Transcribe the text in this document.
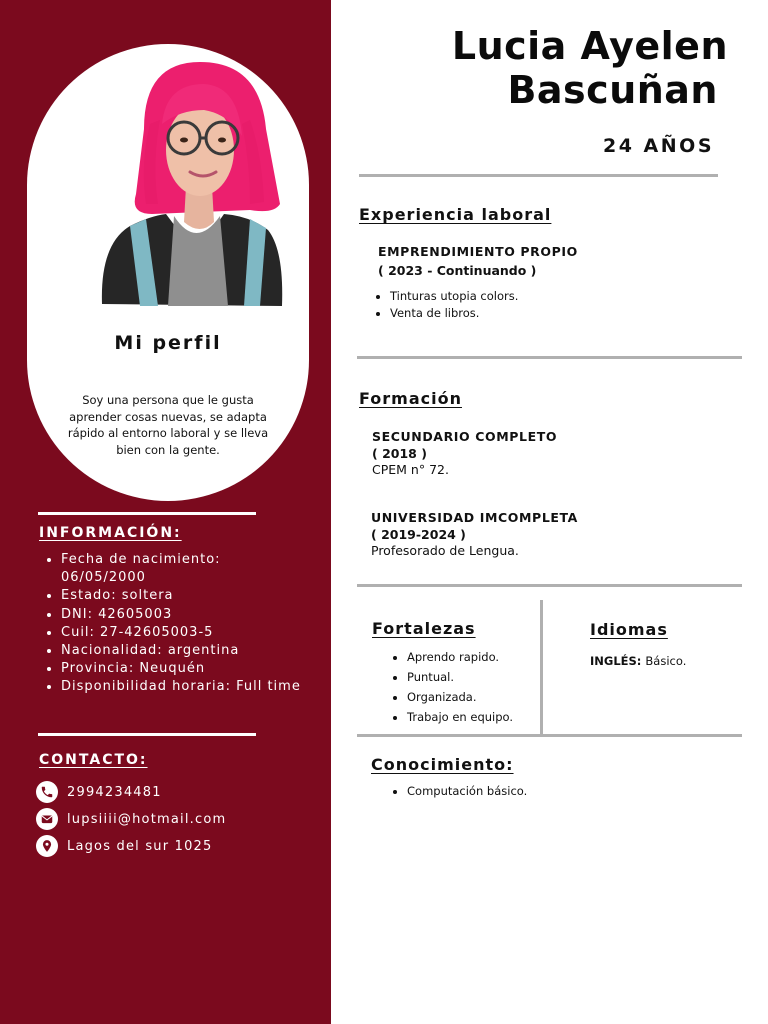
Mi perfil
Soy una persona que le gusta aprender cosas nuevas, se adapta rápido al entorno laboral y se lleva bien con la gente.
INFORMACIÓN:
• Fecha de nacimiento: 06/05/2000
• Estado: soltera
• DNI: 42605003
• Cuil: 27-42605003-5
• Nacionalidad: argentina
• Provincia: Neuquén
• Disponibilidad horaria: Full time
CONTACTO:
2994234481
lupsiiii@hotmail.com
Lagos del sur 1025
Lucia Ayelen
Bascuñan
24 AÑOS
Experiencia laboral
EMPRENDIMIENTO PROPIO
( 2023 - Continuando )
• Tinturas utopia colors.
• Venta de libros.
Formación
SECUNDARIO COMPLETO
( 2018 )
CPEM n° 72.
UNIVERSIDAD IMCOMPLETA
( 2019-2024 )
Profesorado de Lengua.
Fortalezas
• Aprendo rapido.
• Puntual.
• Organizada.
• Trabajo en equipo.
Idiomas
INGLÉS: Básico.
Conocimiento:
• Computación básico.
